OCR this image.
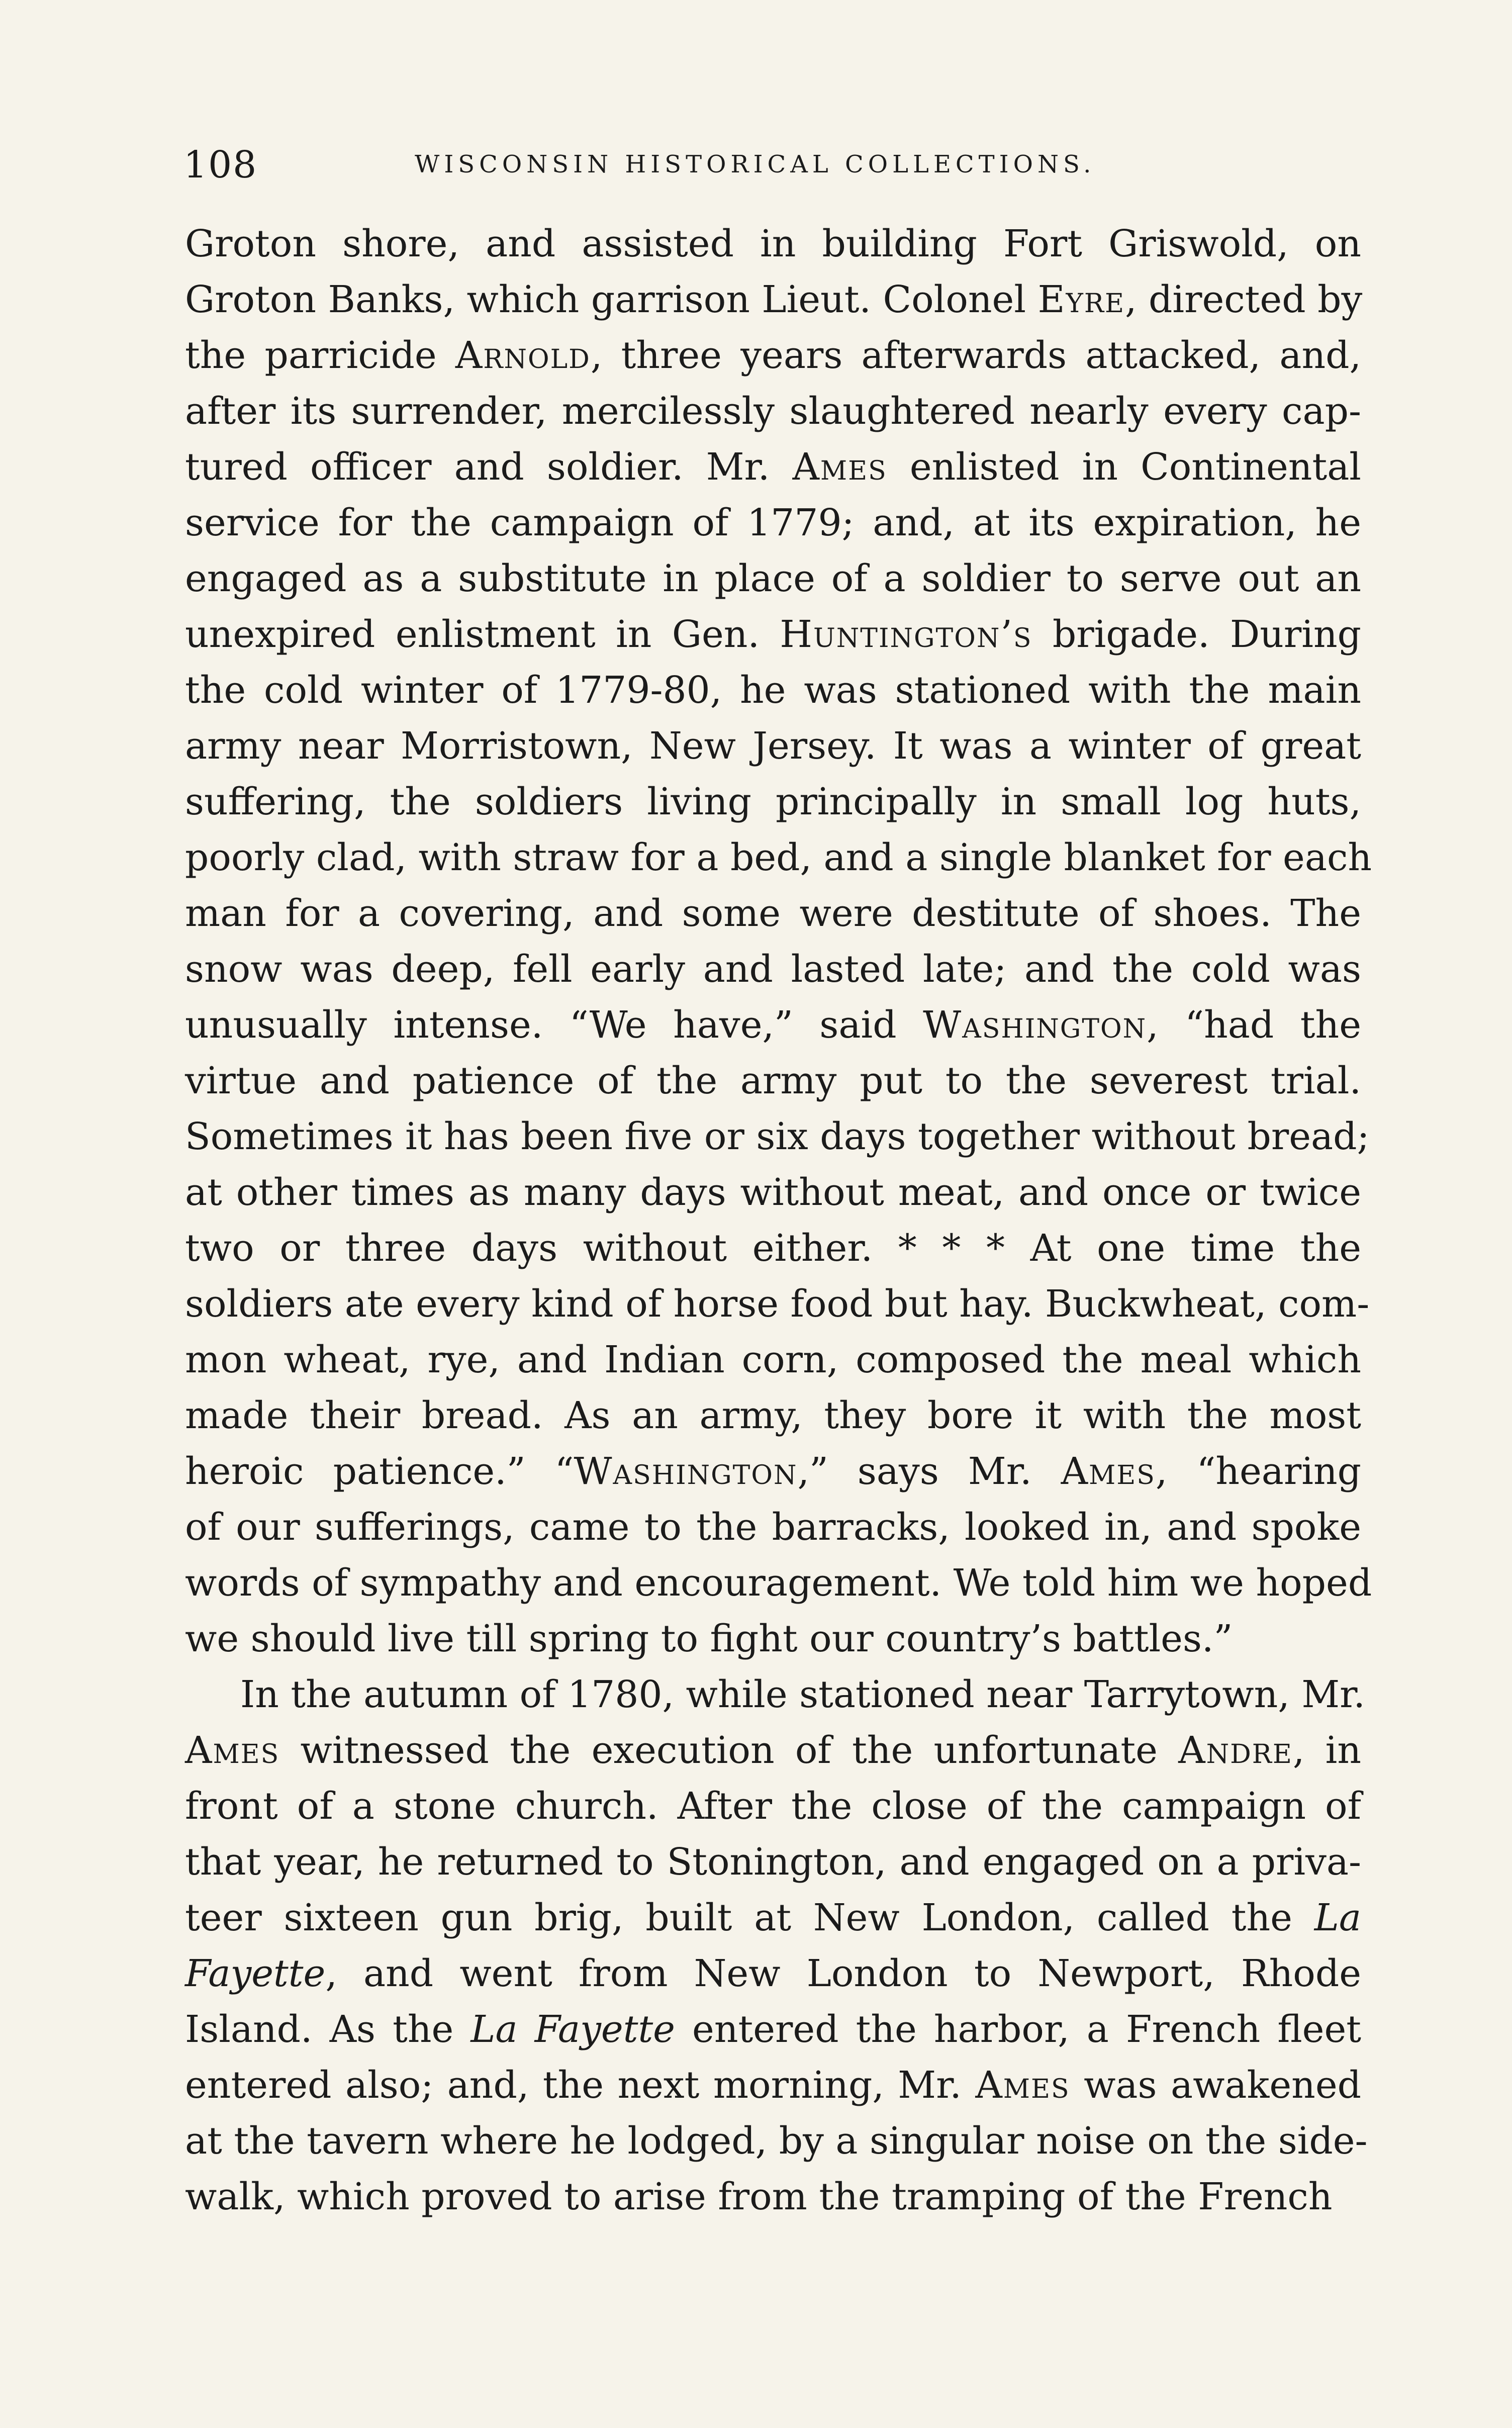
108	WISCONSIN HISTORICAL COLLECTIONS.
Groton shore, and assisted in building Fort Griswold, on
Groton Banks, which garrison Lieut. Colonel Eyre, directed by
the parricide Arnold, three years afterwards attacked, and,
after its surrender, mercilessly slaughtered nearly every cap-
tured officer and soldier. Mr. Ames enlisted in Continental
service for the campaign of 1779; and, at its expiration, he
engaged as a substitute in place of a soldier to serve out an
unexpired enlistment in Gen. Huntington’s brigade. During
the cold winter of 1779-80, he was stationed with the main
army near Morristown, New Jersey. It was a winter of great
suffering, the soldiers living principally in small log huts,
poorly clad, with straw for a bed, and a single blanket for each
man for a covering, and some were destitute of shoes. The
snow was deep, fell early and lasted late; and the cold was
unusually intense. “We have,” said Washington, “had the
virtue and patience of the army put to the severest trial.
Sometimes it has been five or six days together without bread;
at other times as many days without meat, and once or twice
two or three days without either. * * * At one time the
soldiers ate every kind of horse food but hay. Buckwheat, com-
mon wheat, rye, and Indian corn, composed the meal which
made their bread. As an army, they bore it with the most
heroic patience.” “Washington,” says Mr. Ames, “hearing
of our sufferings, came to the barracks, looked in, and spoke
words of sympathy and encouragement. We told him we hoped
we should live till spring to fight our country’s battles.”
In the autumn of 1780, while stationed near Tarrytown, Mr.
Ames witnessed the execution of the unfortunate Andre, in
front of a stone church. After the close of the campaign of
that year, he returned to Stonington, and engaged on a priva-
teer sixteen gun brig, built at New London, called the La
Fayette, and went from New London to Newport, Rhode
Island. As the La Fayette entered the harbor, a French fleet
entered also; and, the next morning, Mr. Ames was awakened
at the tavern where he lodged, by a singular noise on the side-
walk, which proved to arise from the tramping of the French
